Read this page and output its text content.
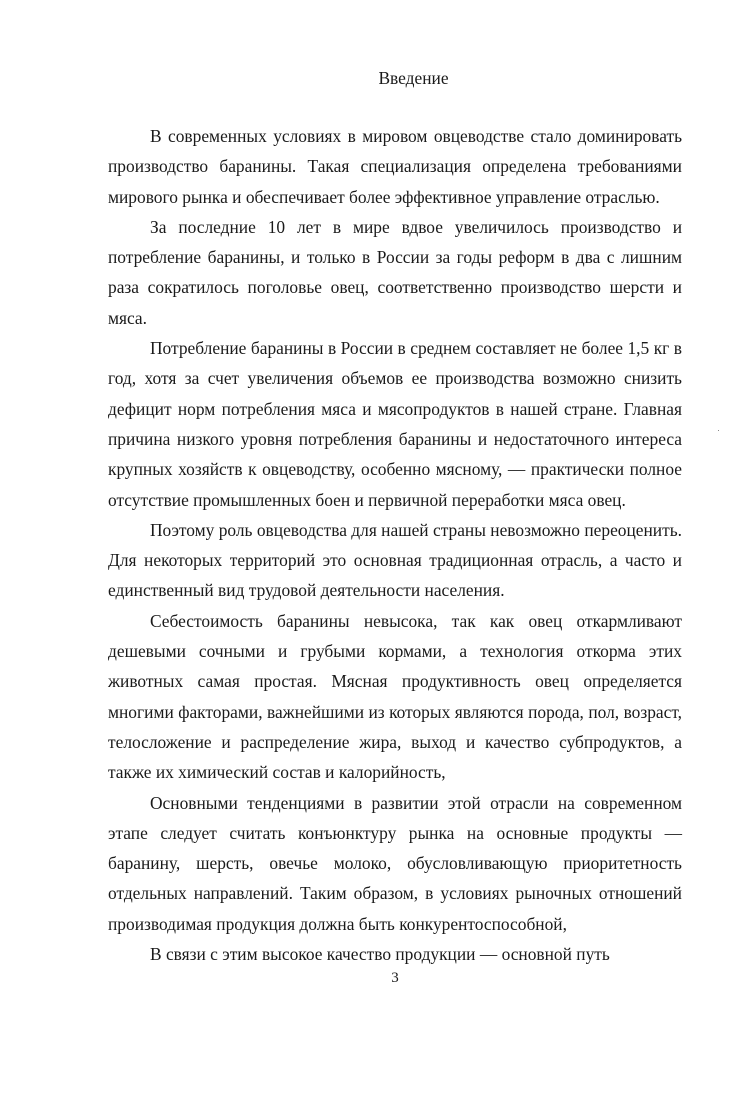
Введение

В современных условиях в мировом овцеводстве стало доминировать производство баранины. Такая специализация определена требованиями мирового рынка и обеспечивает более эффективное управление отраслью.

За последние 10 лет в мире вдвое увеличилось производство и потребление баранины, и только в России за годы реформ в два с лишним раза сократилось поголовье овец, соответственно производство шерсти и мяса.

Потребление баранины в России в среднем составляет не более 1,5 кг в год, хотя за счет увеличения объемов ее производства возможно снизить дефицит норм потребления мяса и мясопродуктов в нашей стране. Главная причина низкого уровня потребления баранины и недостаточного интереса крупных хозяйств к овцеводству, особенно мясному, — практически полное отсутствие промышленных боен и первичной переработки мяса овец.

Поэтому роль овцеводства для нашей страны невозможно переоценить. Для некоторых территорий это основная традиционная отрасль, а часто и единственный вид трудовой деятельности населения.

Себестоимость баранины невысока, так как овец откармливают дешевыми сочными и грубыми кормами, а технология откорма этих животных самая простая. Мясная продуктивность овец определяется многими факторами, важнейшими из которых являются порода, пол, возраст, телосложение и распределение жира, выход и качество субпродуктов, а также их химический состав и калорийность,

Основными тенденциями в развитии этой отрасли на современном этапе следует считать конъюнктуру рынка на основные продукты — баранину, шерсть, овечье молоко, обусловливающую приоритетность отдельных направлений. Таким образом, в условиях рыночных отношений производимая продукция должна быть конкурентоспособной,

В связи с этим высокое качество продукции — основной путь

3
